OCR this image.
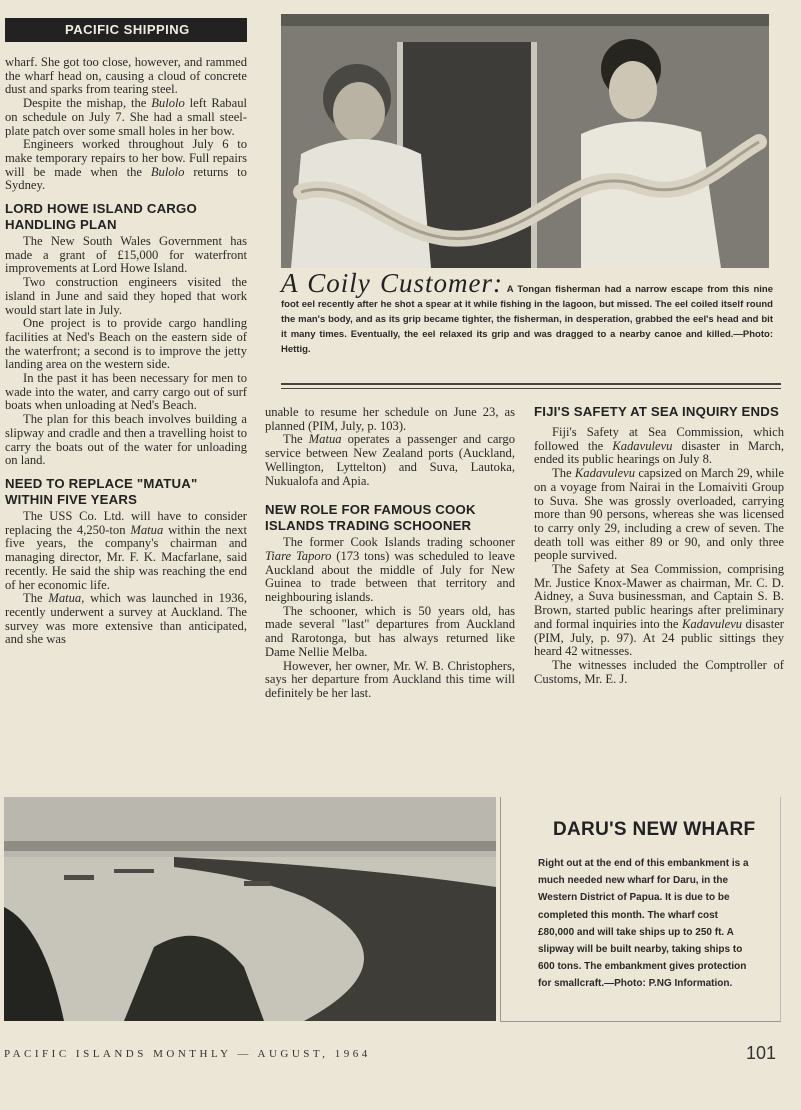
PACIFIC SHIPPING

wharf. She got too close, however, and rammed the wharf head on, causing a cloud of concrete dust and sparks from tearing steel.

Despite the mishap, the Bulolo left Rabaul on schedule on July 7. She had a small steel-plate patch over some small holes in her bow.

Engineers worked throughout July 6 to make temporary repairs to her bow. Full repairs will be made when the Bulolo returns to Sydney.

LORD HOWE ISLAND CARGO HANDLING PLAN

The New South Wales Government has made a grant of £15,000 for waterfront improvements at Lord Howe Island.

Two construction engineers visited the island in June and said they hoped that work would start late in July.

One project is to provide cargo handling facilities at Ned's Beach on the eastern side of the waterfront; a second is to improve the jetty landing area on the western side.

In the past it has been necessary for men to wade into the water, and carry cargo out of surf boats when unloading at Ned's Beach.

The plan for this beach involves building a slipway and cradle and then a travelling hoist to carry the boats out of the water for unloading on land.

NEED TO REPLACE "MATUA" WITHIN FIVE YEARS

The USS Co. Ltd. will have to consider replacing the 4,250-ton Matua within the next five years, the company's chairman and managing director, Mr. F. K. Macfarlane, said recently. He said the ship was reaching the end of her economic life.

The Matua, which was launched in 1936, recently underwent a survey at Auckland. The survey was more extensive than anticipated, and she was

A Coily Customer: A Tongan fisherman had a narrow escape from this nine foot eel recently after he shot a spear at it while fishing in the lagoon, but missed. The eel coiled itself round the man's body, and as its grip became tighter, the fisherman, in desperation, grabbed the eel's head and bit it many times. Eventually, the eel relaxed its grip and was dragged to a nearby canoe and killed.—Photo: Hettig.

unable to resume her schedule on June 23, as planned (PIM, July, p. 103).

The Matua operates a passenger and cargo service between New Zealand ports (Auckland, Wellington, Lyttelton) and Suva, Lautoka, Nukualofa and Apia.

NEW ROLE FOR FAMOUS COOK ISLANDS TRADING SCHOONER

The former Cook Islands trading schooner Tiare Taporo (173 tons) was scheduled to leave Auckland about the middle of July for New Guinea to trade between that territory and neighbouring islands.

The schooner, which is 50 years old, has made several "last" departures from Auckland and Rarotonga, but has always returned like Dame Nellie Melba.

However, her owner, Mr. W. B. Christophers, says her departure from Auckland this time will definitely be her last.

FIJI'S SAFETY AT SEA INQUIRY ENDS

Fiji's Safety at Sea Commission, which followed the Kadavulevu disaster in March, ended its public hearings on July 8.

The Kadavulevu capsized on March 29, while on a voyage from Nairai in the Lomaiviti Group to Suva. She was grossly overloaded, carrying more than 90 persons, whereas she was licensed to carry only 29, including a crew of seven. The death toll was either 89 or 90, and only three people survived.

The Safety at Sea Commission, comprising Mr. Justice Knox-Mawer as chairman, Mr. C. D. Aidney, a Suva businessman, and Captain S. B. Brown, started public hearings after preliminary and formal inquiries into the Kadavulevu disaster (PIM, July, p. 97). At 24 public sittings they heard 42 witnesses.

The witnesses included the Comptroller of Customs, Mr. E. J.

DARU'S NEW WHARF

Right out at the end of this embankment is a much needed new wharf for Daru, in the Western District of Papua. It is due to be completed this month. The wharf cost £80,000 and will take ships up to 250 ft. A slipway will be built nearby, taking ships to 600 tons. The embankment gives protection for smallcraft.—Photo: P.NG Information.

PACIFIC ISLANDS MONTHLY — AUGUST, 1964	101
